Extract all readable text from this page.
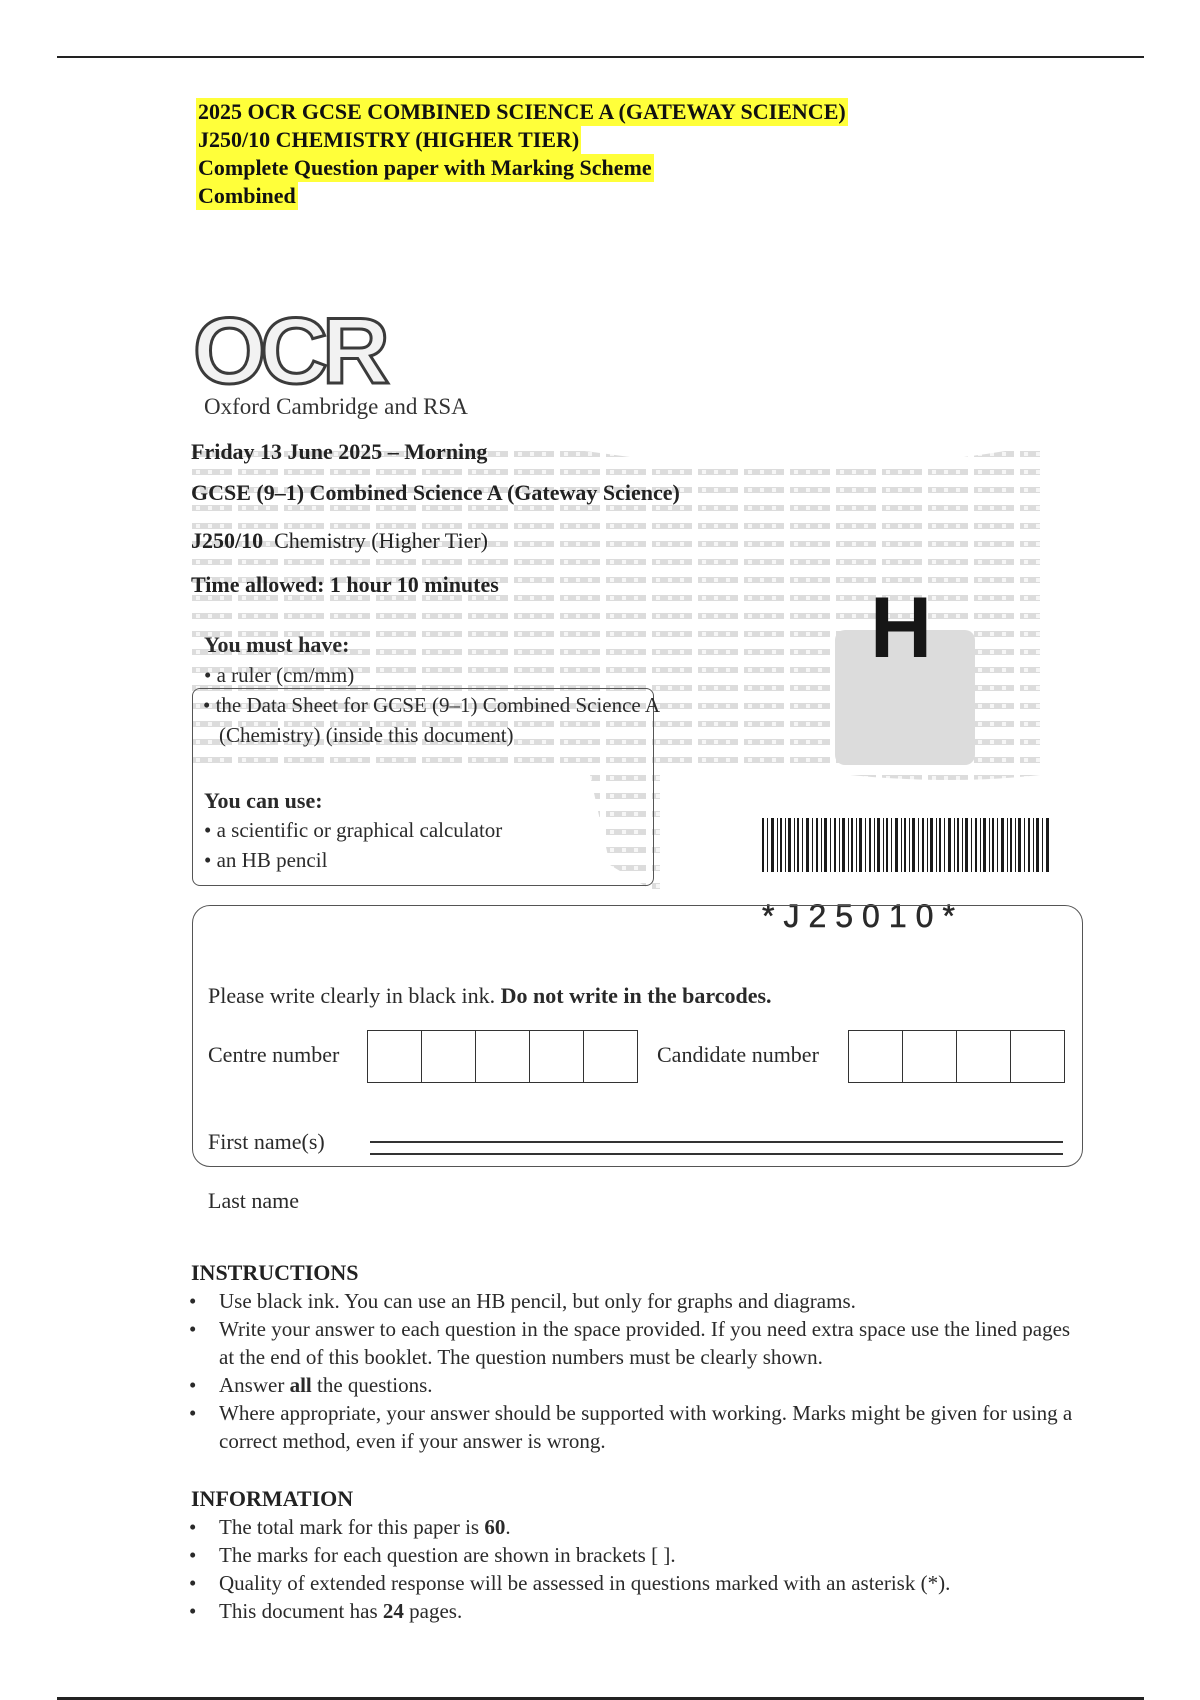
2025 OCR GCSE COMBINED SCIENCE A (GATEWAY SCIENCE)
J250/10 CHEMISTRY (HIGHER TIER)
Complete Question paper with Marking Scheme
Combined
OCR
Oxford Cambridge and RSA
Friday 13 June 2025 – Morning
GCSE (9–1) Combined Science A (Gateway Science)
J250/10 Chemistry (Higher Tier)
Time allowed: 1 hour 10 minutes	H
You must have:
• a ruler (cm/mm)
• the Data Sheet for GCSE (9–1) Combined Science A (Chemistry) (inside this document)
You can use:
• a scientific or graphical calculator
• an HB pencil
*J25010*
Please write clearly in black ink. Do not write in the barcodes.
Centre number	Candidate number
First name(s)
Last name
INSTRUCTIONS
• Use black ink. You can use an HB pencil, but only for graphs and diagrams.
• Write your answer to each question in the space provided. If you need extra space use the lined pages at the end of this booklet. The question numbers must be clearly shown.
• Answer all the questions.
• Where appropriate, your answer should be supported with working. Marks might be given for using a correct method, even if your answer is wrong.
INFORMATION
• The total mark for this paper is 60.
• The marks for each question are shown in brackets [ ].
• Quality of extended response will be assessed in questions marked with an asterisk (*).
• This document has 24 pages.
